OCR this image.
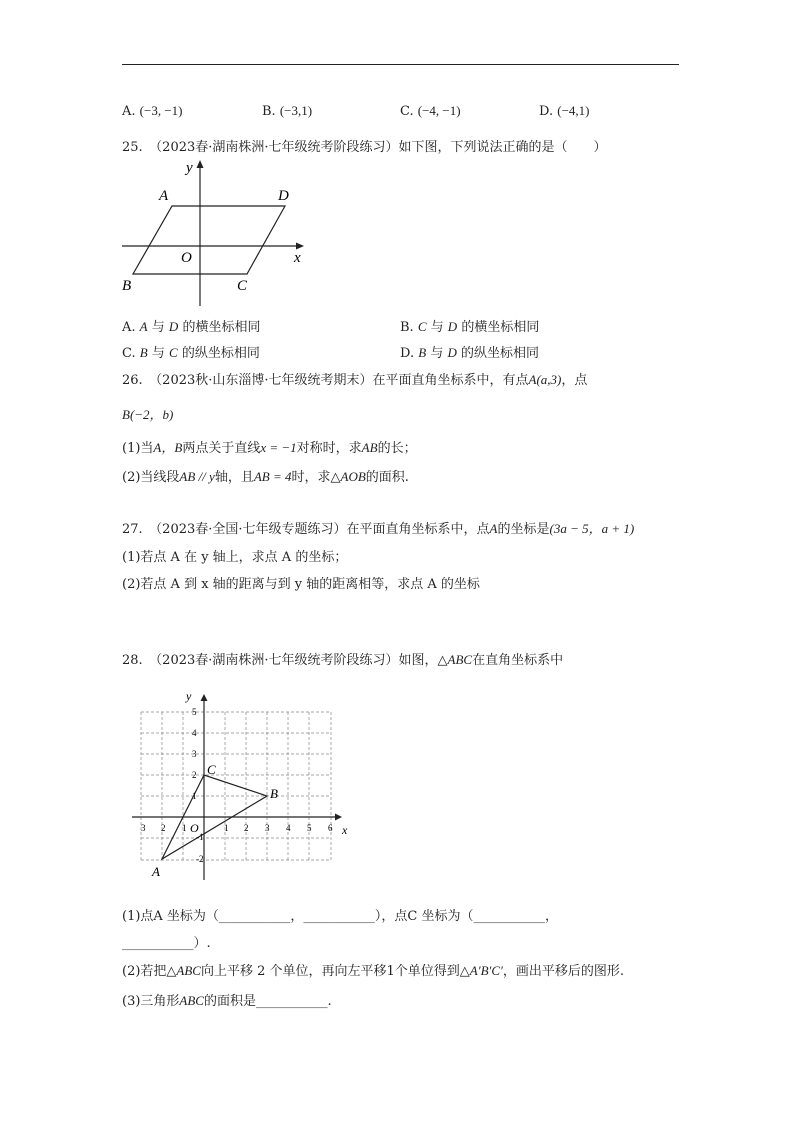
A. (−3, −1)	B. (−3,1)	C. (−4, −1)	D. (−4,1)
25.　（2023春·湖南株洲·七年级统考阶段练习）如下图，下列说法正确的是（　　）
y
A	D
O	x
B	C
A. A 与 D 的横坐标相同	B. C 与 D 的横坐标相同
C. B 与 C 的纵坐标相同	D. B 与 D 的纵坐标相同
26.　（2023秋·山东淄博·七年级统考期末）在平面直角坐标系中，有点A(a,3)，点
B(−2，b)
(1)当A，B两点关于直线x = −1对称时，求AB的长；
(2)当线段AB // y轴，且AB = 4时，求△AOB的面积.
27.　（2023春·全国·七年级专题练习）在平面直角坐标系中，点A的坐标是(3a − 5，a + 1)
(1)若点 A 在 y 轴上，求点 A 的坐标；
(2)若点 A 到 x 轴的距离与到 y 轴的距离相等，求点 A 的坐标
28.　（2023春·湖南株洲·七年级统考阶段练习）如图，△ABC在直角坐标系中
y
5
4
3
2
1
-1
-2
3 2 1	1 2 3 4 5 6 x
O
C
B
A
(1)点A 坐标为（___________，___________），点C 坐标为（___________，
___________）.
(2)若把△ABC向上平移 2 个单位，再向左平移1个单位得到△A′B′C′，画出平移后的图形.
(3)三角形ABC的面积是___________.
